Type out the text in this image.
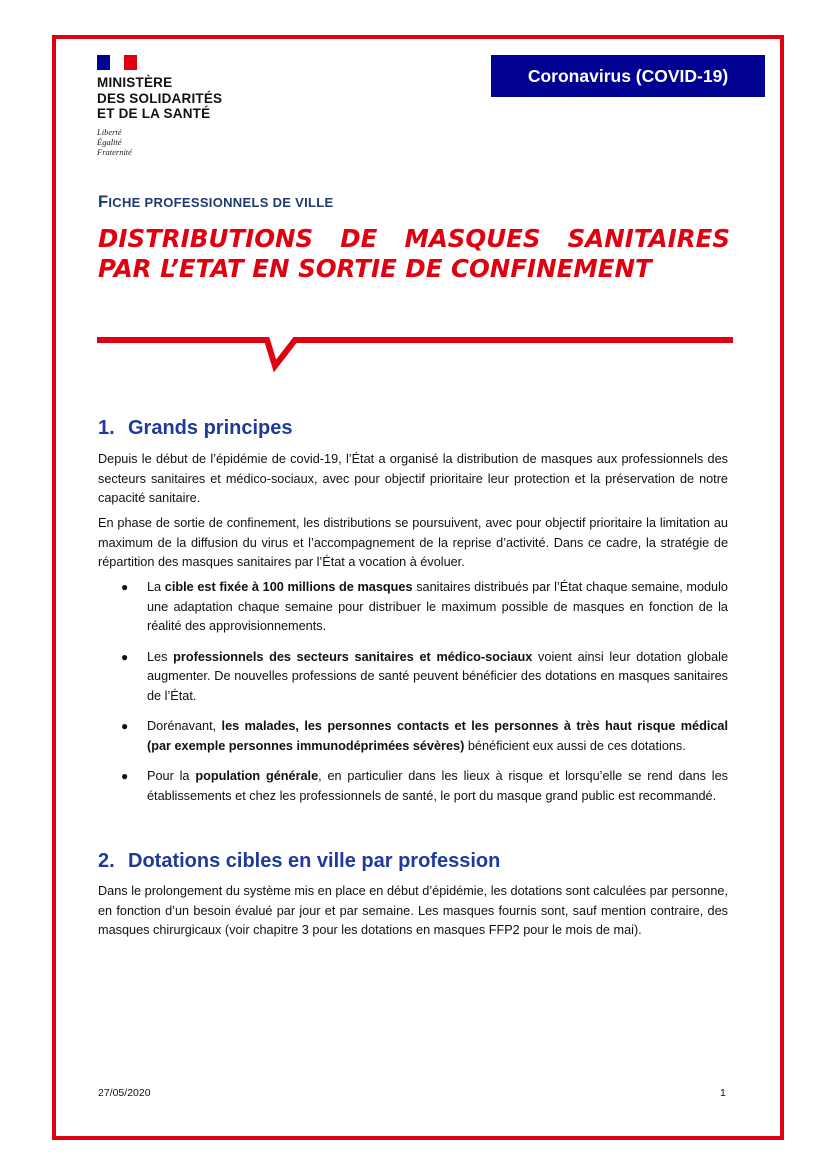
MINISTÈRE
DES SOLIDARITÉS
ET DE LA SANTÉ
Liberté
Égalité
Fraternité
Coronavirus (COVID-19)
FICHE PROFESSIONNELS DE VILLE
DISTRIBUTIONS DE MASQUES SANITAIRES PAR L’ETAT EN SORTIE DE CONFINEMENT
1. Grands principes
Depuis le début de l’épidémie de covid-19, l’État a organisé la distribution de masques aux professionnels des secteurs sanitaires et médico-sociaux, avec pour objectif prioritaire leur protection et la préservation de notre capacité sanitaire.
En phase de sortie de confinement, les distributions se poursuivent, avec pour objectif prioritaire la limitation au maximum de la diffusion du virus et l’accompagnement de la reprise d’activité. Dans ce cadre, la stratégie de répartition des masques sanitaires par l’État a vocation à évoluer.
● La cible est fixée à 100 millions de masques sanitaires distribués par l’État chaque semaine, modulo une adaptation chaque semaine pour distribuer le maximum possible de masques en fonction de la réalité des approvisionnements.
● Les professionnels des secteurs sanitaires et médico-sociaux voient ainsi leur dotation globale augmenter. De nouvelles professions de santé peuvent bénéficier des dotations en masques sanitaires de l’État.
● Dorénavant, les malades, les personnes contacts et les personnes à très haut risque médical (par exemple personnes immunodéprimées sévères) bénéficient eux aussi de ces dotations.
● Pour la population générale, en particulier dans les lieux à risque et lorsqu’elle se rend dans les établissements et chez les professionnels de santé, le port du masque grand public est recommandé.
2. Dotations cibles en ville par profession
Dans le prolongement du système mis en place en début d’épidémie, les dotations sont calculées par personne, en fonction d’un besoin évalué par jour et par semaine. Les masques fournis sont, sauf mention contraire, des masques chirurgicaux (voir chapitre 3 pour les dotations en masques FFP2 pour le mois de mai).
27/05/2020	1
